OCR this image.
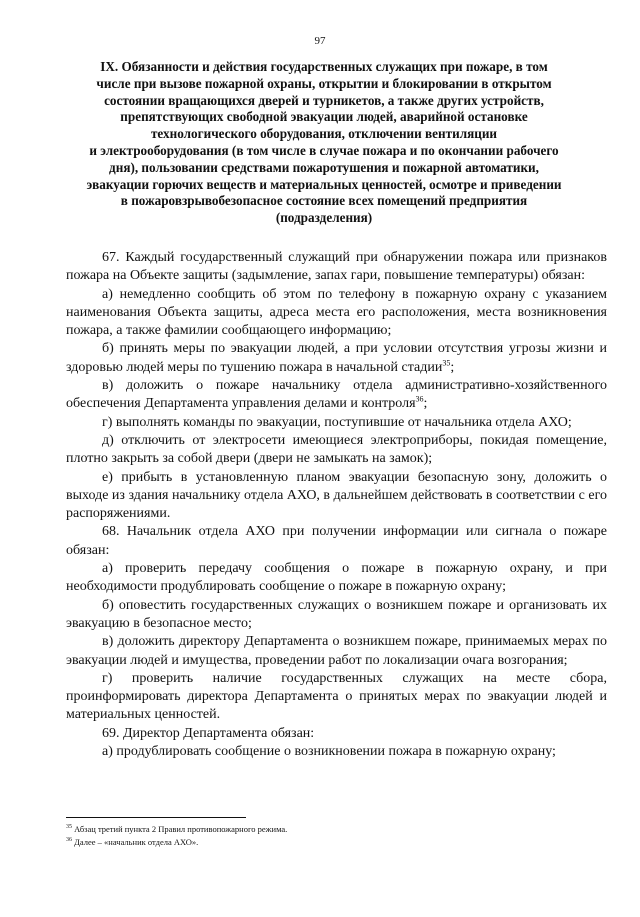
97
IX. Обязанности и действия государственных служащих при пожаре, в том
числе при вызове пожарной охраны, открытии и блокировании в открытом
состоянии вращающихся дверей и турникетов, а также других устройств,
препятствующих свободной эвакуации людей, аварийной остановке
технологического оборудования, отключении вентиляции
и электрооборудования (в том числе в случае пожара и по окончании рабочего
дня), пользовании средствами пожаротушения и пожарной автоматики,
эвакуации горючих веществ и материальных ценностей, осмотре и приведении
в пожаровзрывобезопасное состояние всех помещений предприятия
(подразделения)

67. Каждый государственный служащий при обнаружении пожара или признаков пожара на Объекте защиты (задымление, запах гари, повышение температуры) обязан:

а) немедленно сообщить об этом по телефону в пожарную охрану с указанием наименования Объекта защиты, адреса места его расположения, места возникновения пожара, а также фамилии сообщающего информацию;

б) принять меры по эвакуации людей, а при условии отсутствия угрозы жизни и здоровью людей меры по тушению пожара в начальной стадии$^{35}$;

в) доложить о пожаре начальнику отдела административно-хозяйственного обеспечения Департамента управления делами и контроля$^{36}$;

г) выполнять команды по эвакуации, поступившие от начальника отдела АХО;

д) отключить от электросети имеющиеся электроприборы, покидая помещение, плотно закрыть за собой двери (двери не замыкать на замок);

е) прибыть в установленную планом эвакуации безопасную зону, доложить о выходе из здания начальнику отдела АХО, в дальнейшем действовать в соответствии с его распоряжениями.

68. Начальник отдела АХО при получении информации или сигнала о пожаре обязан:

а) проверить передачу сообщения о пожаре в пожарную охрану, и при необходимости продублировать сообщение о пожаре в пожарную охрану;

б) оповестить государственных служащих о возникшем пожаре и организовать их эвакуацию в безопасное место;

в) доложить директору Департамента о возникшем пожаре, принимаемых мерах по эвакуации людей и имущества, проведении работ по локализации очага возгорания;

г) проверить наличие государственных служащих на месте сбора, проинформировать директора Департамента о принятых мерах по эвакуации людей и материальных ценностей.

69. Директор Департамента обязан:

а) продублировать сообщение о возникновении пожара в пожарную охрану;

$^{35}$ Абзац третий пункта 2 Правил противопожарного режима.
$^{36}$ Далее – «начальник отдела АХО».
